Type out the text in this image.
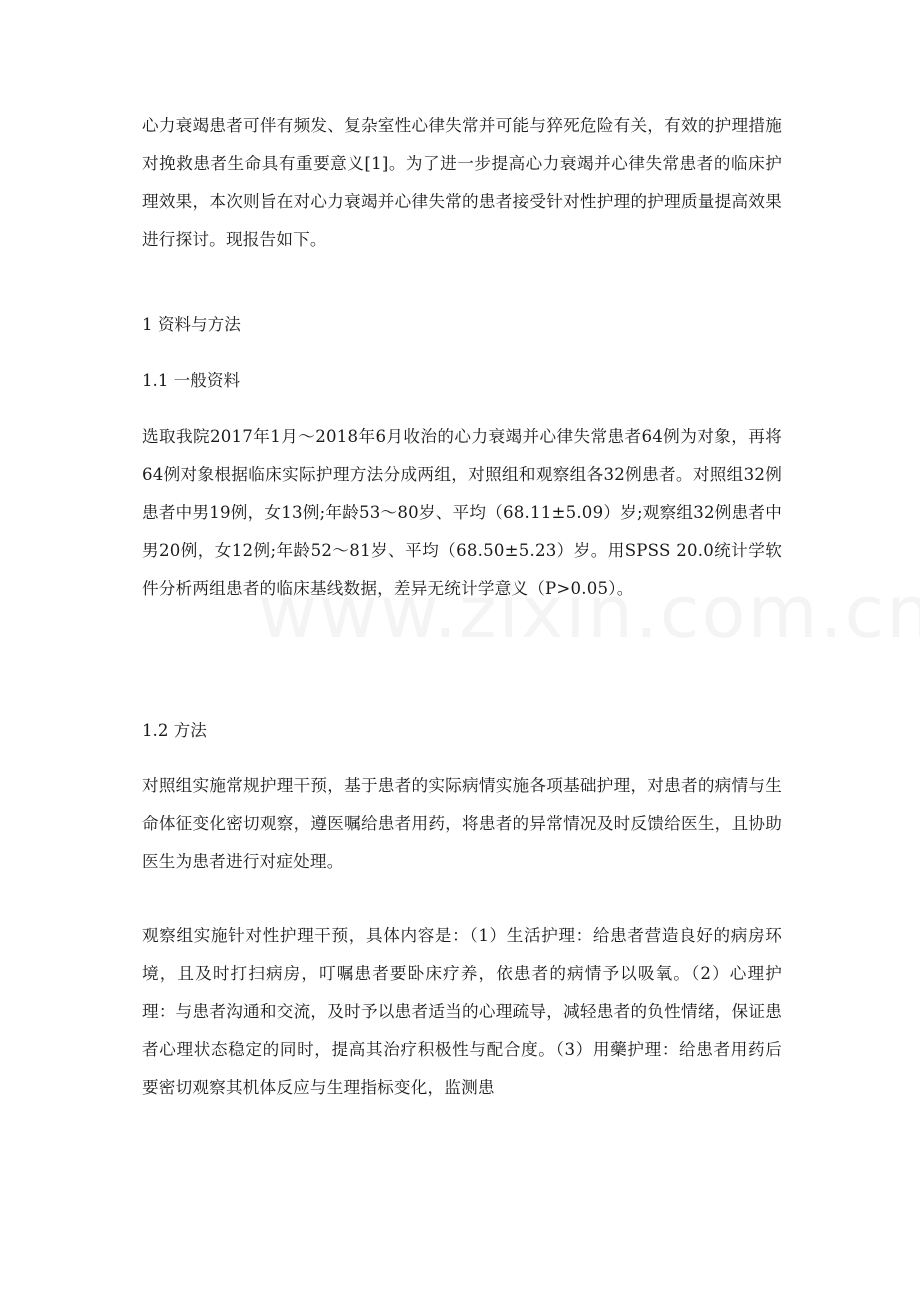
心力衰竭患者可伴有频发、复杂室性心律失常并可能与猝死危险有关，有效的护理措施对挽救患者生命具有重要意义[1]。为了进一步提高心力衰竭并心律失常患者的临床护理效果，本次则旨在对心力衰竭并心律失常的患者接受针对性护理的护理质量提高效果进行探讨。现报告如下。

1 资料与方法

1.1 一般资料

选取我院2017年1月～2018年6月收治的心力衰竭并心律失常患者64例为对象，再将64例对象根据临床实际护理方法分成两组，对照组和观察组各32例患者。对照组32例患者中男19例，女13例;年龄53～80岁、平均（68.11±5.09）岁;观察组32例患者中男20例，女12例;年龄52～81岁、平均（68.50±5.23）岁。用SPSS 20.0统计学软件分析两组患者的临床基线数据，差异无统计学意义（P>0.05）。

1.2 方法

对照组实施常规护理干预，基于患者的实际病情实施各项基础护理，对患者的病情与生命体征变化密切观察，遵医嘱给患者用药，将患者的异常情况及时反馈给医生，且协助医生为患者进行对症处理。

观察组实施针对性护理干预，具体内容是：（1）生活护理：给患者营造良好的病房环境，且及时打扫病房，叮嘱患者要卧床疗养，依患者的病情予以吸氧。（2）心理护理：与患者沟通和交流，及时予以患者适当的心理疏导，减轻患者的负性情绪，保证患者心理状态稳定的同时，提高其治疗积极性与配合度。（3）用藥护理：给患者用药后要密切观察其机体反应与生理指标变化，监测患
